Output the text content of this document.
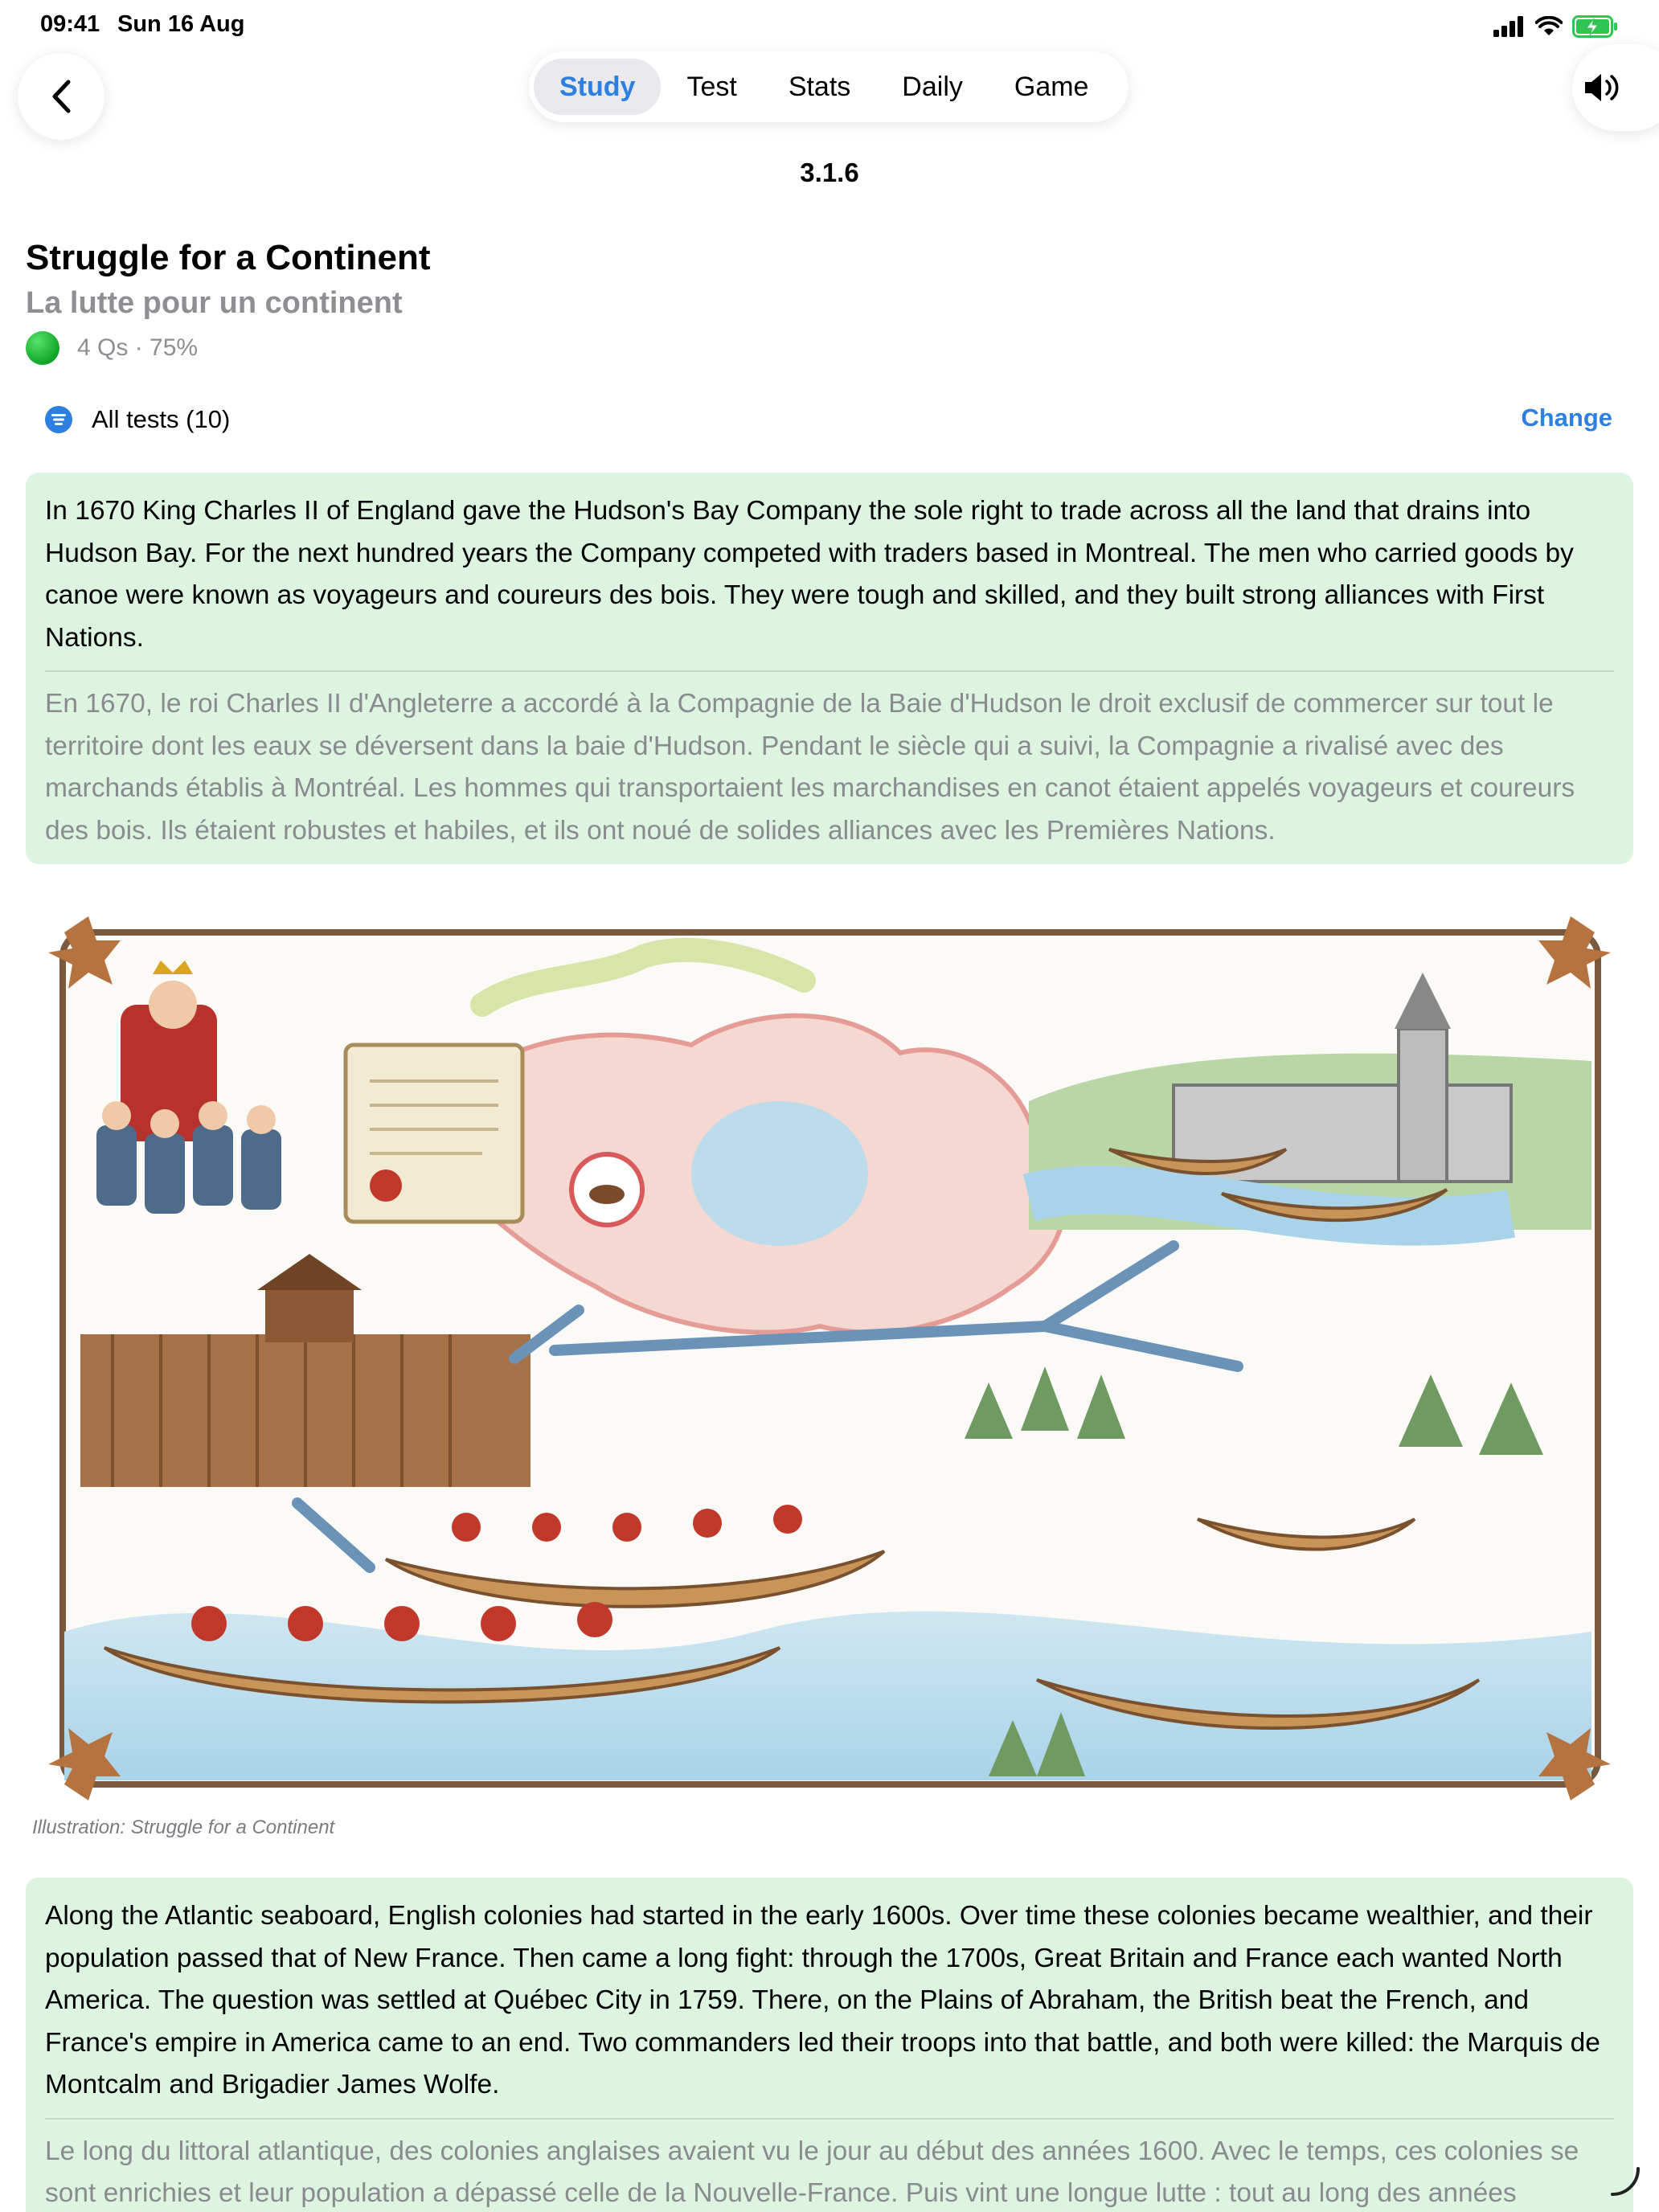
09:41 Sun 16 Aug
Study	Test	Stats	Daily	Game
3.1.6
Struggle for a Continent
La lutte pour un continent
4 Qs · 75%
All tests (10)	Change
In 1670 King Charles II of England gave the Hudson's Bay Company the sole right to trade across all the land that drains into Hudson Bay. For the next hundred years the Company competed with traders based in Montreal. The men who carried goods by canoe were known as voyageurs and coureurs des bois. They were tough and skilled, and they built strong alliances with First Nations.
En 1670, le roi Charles II d'Angleterre a accordé à la Compagnie de la Baie d'Hudson le droit exclusif de commercer sur tout le territoire dont les eaux se déversent dans la baie d'Hudson. Pendant le siècle qui a suivi, la Compagnie a rivalisé avec des marchands établis à Montréal. Les hommes qui transportaient les marchandises en canot étaient appelés voyageurs et coureurs des bois. Ils étaient robustes et habiles, et ils ont noué de solides alliances avec les Premières Nations.
Illustration: Struggle for a Continent
Along the Atlantic seaboard, English colonies had started in the early 1600s. Over time these colonies became wealthier, and their population passed that of New France. Then came a long fight: through the 1700s, Great Britain and France each wanted North America. The question was settled at Québec City in 1759. There, on the Plains of Abraham, the British beat the French, and France's empire in America came to an end. Two commanders led their troops into that battle, and both were killed: the Marquis de Montcalm and Brigadier James Wolfe.
Le long du littoral atlantique, des colonies anglaises avaient vu le jour au début des années 1600. Avec le temps, ces colonies se sont enrichies et leur population a dépassé celle de la Nouvelle-France. Puis vint une longue lutte : tout au long des années
